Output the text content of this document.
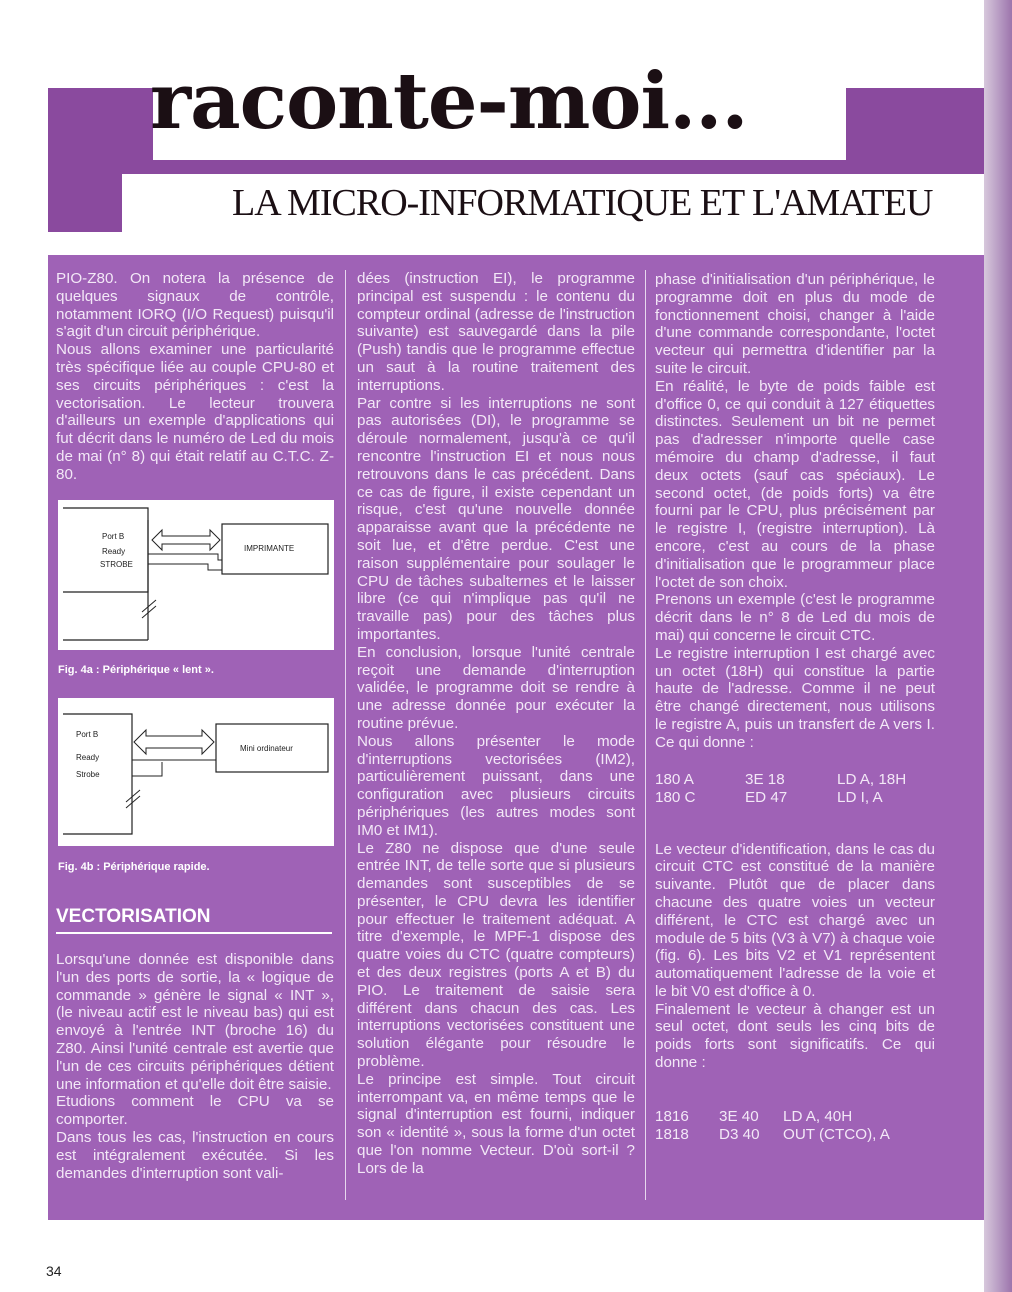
raconte-moi...
LA MICRO-INFORMATIQUE ET L'AMATEU

PIO-Z80. On notera la présence de quelques signaux de contrôle, notamment IORQ (I/O Request) puisqu'il s'agit d'un circuit périphérique.

Nous allons examiner une particularité très spécifique liée au couple CPU-80 et ses circuits périphériques : c'est la vectorisation. Le lecteur trouvera d'ailleurs un exemple d'applications qui fut décrit dans le numéro de Led du mois de mai (n° 8) qui était relatif au C.T.C. Z-80.

Port B
Ready
STROBE
IMPRIMANTE
Fig. 4a : Périphérique « lent ».
Port B
Ready
Strobe
Mini ordinateur
Fig. 4b : Périphérique rapide.
VECTORISATION

Lorsqu'une donnée est disponible dans l'un des ports de sortie, la « logique de commande » génère le signal « INT », (le niveau actif est le niveau bas) qui est envoyé à l'entrée INT (broche 16) du Z80. Ainsi l'unité centrale est avertie que l'un de ces circuits périphériques détient une information et qu'elle doit être saisie.

Etudions comment le CPU va se comporter.

Dans tous les cas, l'instruction en cours est intégralement exécutée. Si les demandes d'interruption sont vali-

dées (instruction EI), le programme principal est suspendu : le contenu du compteur ordinal (adresse de l'instruction suivante) est sauvegardé dans la pile (Push) tandis que le programme effectue un saut à la routine traitement des interruptions.

Par contre si les interruptions ne sont pas autorisées (DI), le programme se déroule normalement, jusqu'à ce qu'il rencontre l'instruction EI et nous nous retrouvons dans le cas précédent. Dans ce cas de figure, il existe cependant un risque, c'est qu'une nouvelle donnée apparaisse avant que la précédente ne soit lue, et d'être perdue. C'est une raison supplémentaire pour soulager le CPU de tâches subalternes et le laisser libre (ce qui n'implique pas qu'il ne travaille pas) pour des tâches plus importantes.

En conclusion, lorsque l'unité centrale reçoit une demande d'interruption validée, le programme doit se rendre à une adresse donnée pour exécuter la routine prévue.

Nous allons présenter le mode d'interruptions vectorisées (IM2), particulièrement puissant, dans une configuration avec plusieurs circuits périphériques (les autres modes sont IM0 et IM1).

Le Z80 ne dispose que d'une seule entrée INT, de telle sorte que si plusieurs demandes sont susceptibles de se présenter, le CPU devra les identifier pour effectuer le traitement adéquat. A titre d'exemple, le MPF-1 dispose des quatre voies du CTC (quatre compteurs) et des deux registres (ports A et B) du PIO. Le traitement de saisie sera différent dans chacun des cas. Les interruptions vectorisées constituent une solution élégante pour résoudre le problème.

Le principe est simple. Tout circuit interrompant va, en même temps que le signal d'interruption est fourni, indiquer son « identité », sous la forme d'un octet que l'on nomme Vecteur. D'où sort-il ? Lors de la

phase d'initialisation d'un périphérique, le programme doit en plus du mode de fonctionnement choisi, changer à l'aide d'une commande correspondante, l'octet vecteur qui permettra d'identifier par la suite le circuit.

En réalité, le byte de poids faible est d'office 0, ce qui conduit à 127 étiquettes distinctes. Seulement un bit ne permet pas d'adresser n'importe quelle case mémoire du champ d'adresse, il faut deux octets (sauf cas spéciaux). Le second octet, (de poids forts) va être fourni par le CPU, plus précisément par le registre I, (registre interruption). Là encore, c'est au cours de la phase d'initialisation que le programmeur place l'octet de son choix.

Prenons un exemple (c'est le programme décrit dans le n° 8 de Led du mois de mai) qui concerne le circuit CTC.

Le registre interruption I est chargé avec un octet (18H) qui constitue la partie haute de l'adresse. Comme il ne peut être changé directement, nous utilisons le registre A, puis un transfert de A vers I. Ce qui donne :

180 A	3E 18	LD A, 18H
180 C	ED 47	LD I, A

Le vecteur d'identification, dans le cas du circuit CTC est constitué de la manière suivante. Plutôt que de placer dans chacune des quatre voies un vecteur différent, le CTC est chargé avec un module de 5 bits (V3 à V7) à chaque voie (fig. 6). Les bits V2 et V1 représentent automatiquement l'adresse de la voie et le bit V0 est d'office à 0.

Finalement le vecteur à changer est un seul octet, dont seuls les cinq bits de poids forts sont significatifs. Ce qui donne :

1816	3E 40	LD A, 40H
1818	D3 40	OUT (CTCO), A
34
